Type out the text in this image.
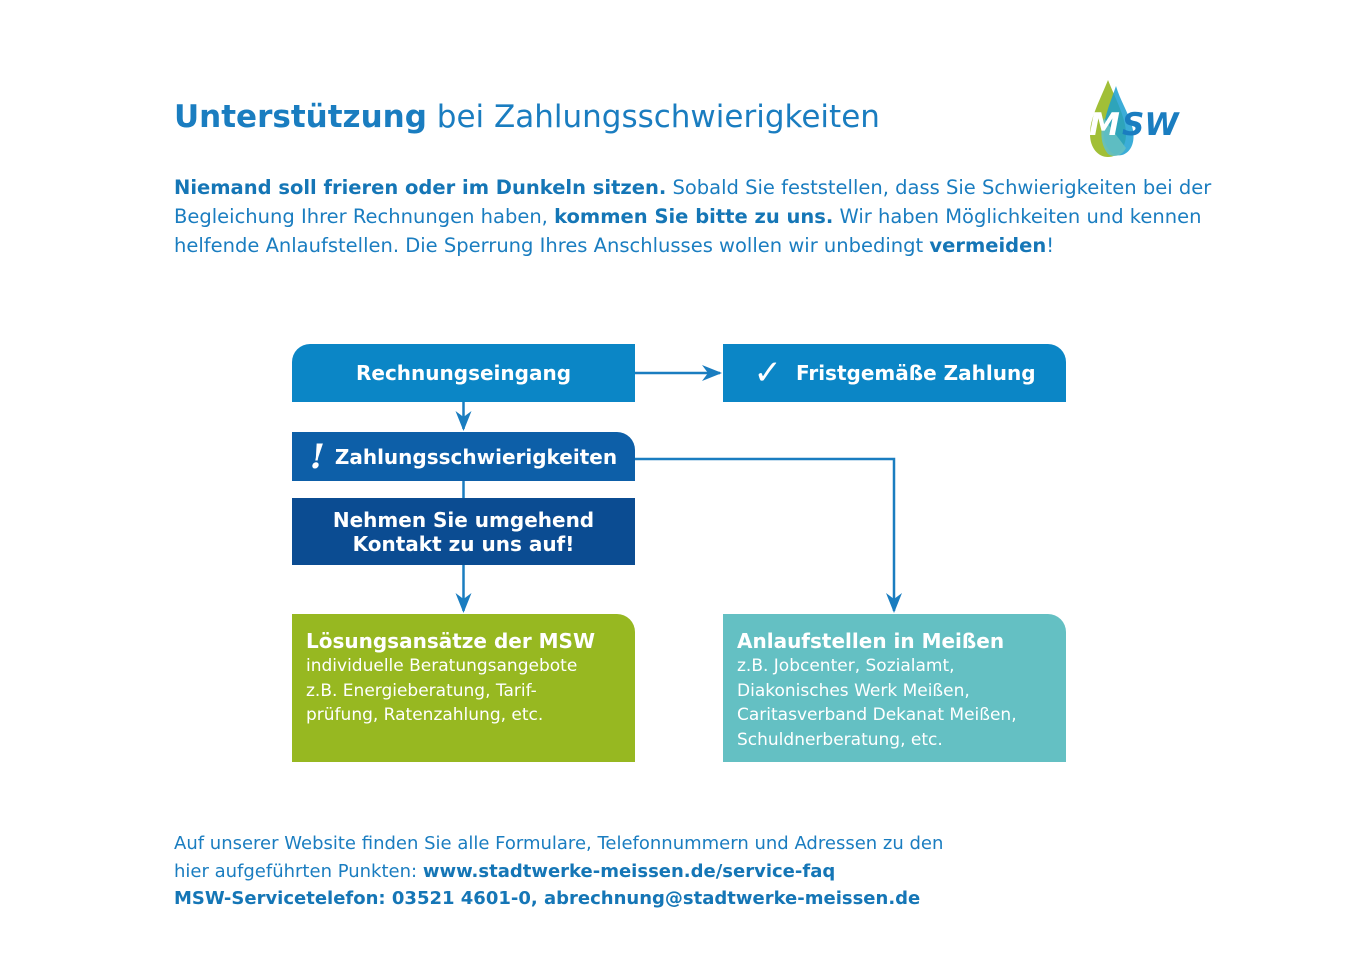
Unterstützung bei Zahlungsschwierigkeiten	M SW
Niemand soll frieren oder im Dunkeln sitzen. Sobald Sie feststellen, dass Sie Schwierigkeiten bei der Begleichung Ihrer Rechnungen haben, kommen Sie bitte zu uns. Wir haben Möglichkeiten und kennen helfende Anlaufstellen. Die Sperrung Ihres Anschlusses wollen wir unbedingt vermeiden!
Rechnungseingang	✓ Fristgemäße Zahlung
! Zahlungsschwierigkeiten
Nehmen Sie umgehend
Kontakt zu uns auf!
Lösungsansätze der MSW
individuelle Beratungsangebote
z.B. Energieberatung, Tarif-
prüfung, Ratenzahlung, etc.
Anlaufstellen in Meißen
z.B. Jobcenter, Sozialamt,
Diakonisches Werk Meißen,
Caritasverband Dekanat Meißen,
Schuldnerberatung, etc.
Auf unserer Website finden Sie alle Formulare, Telefonnummern und Adressen zu den
hier aufgeführten Punkten: www.stadtwerke-meissen.de/service-faq
MSW-Servicetelefon: 03521 4601-0, abrechnung@stadtwerke-meissen.de
